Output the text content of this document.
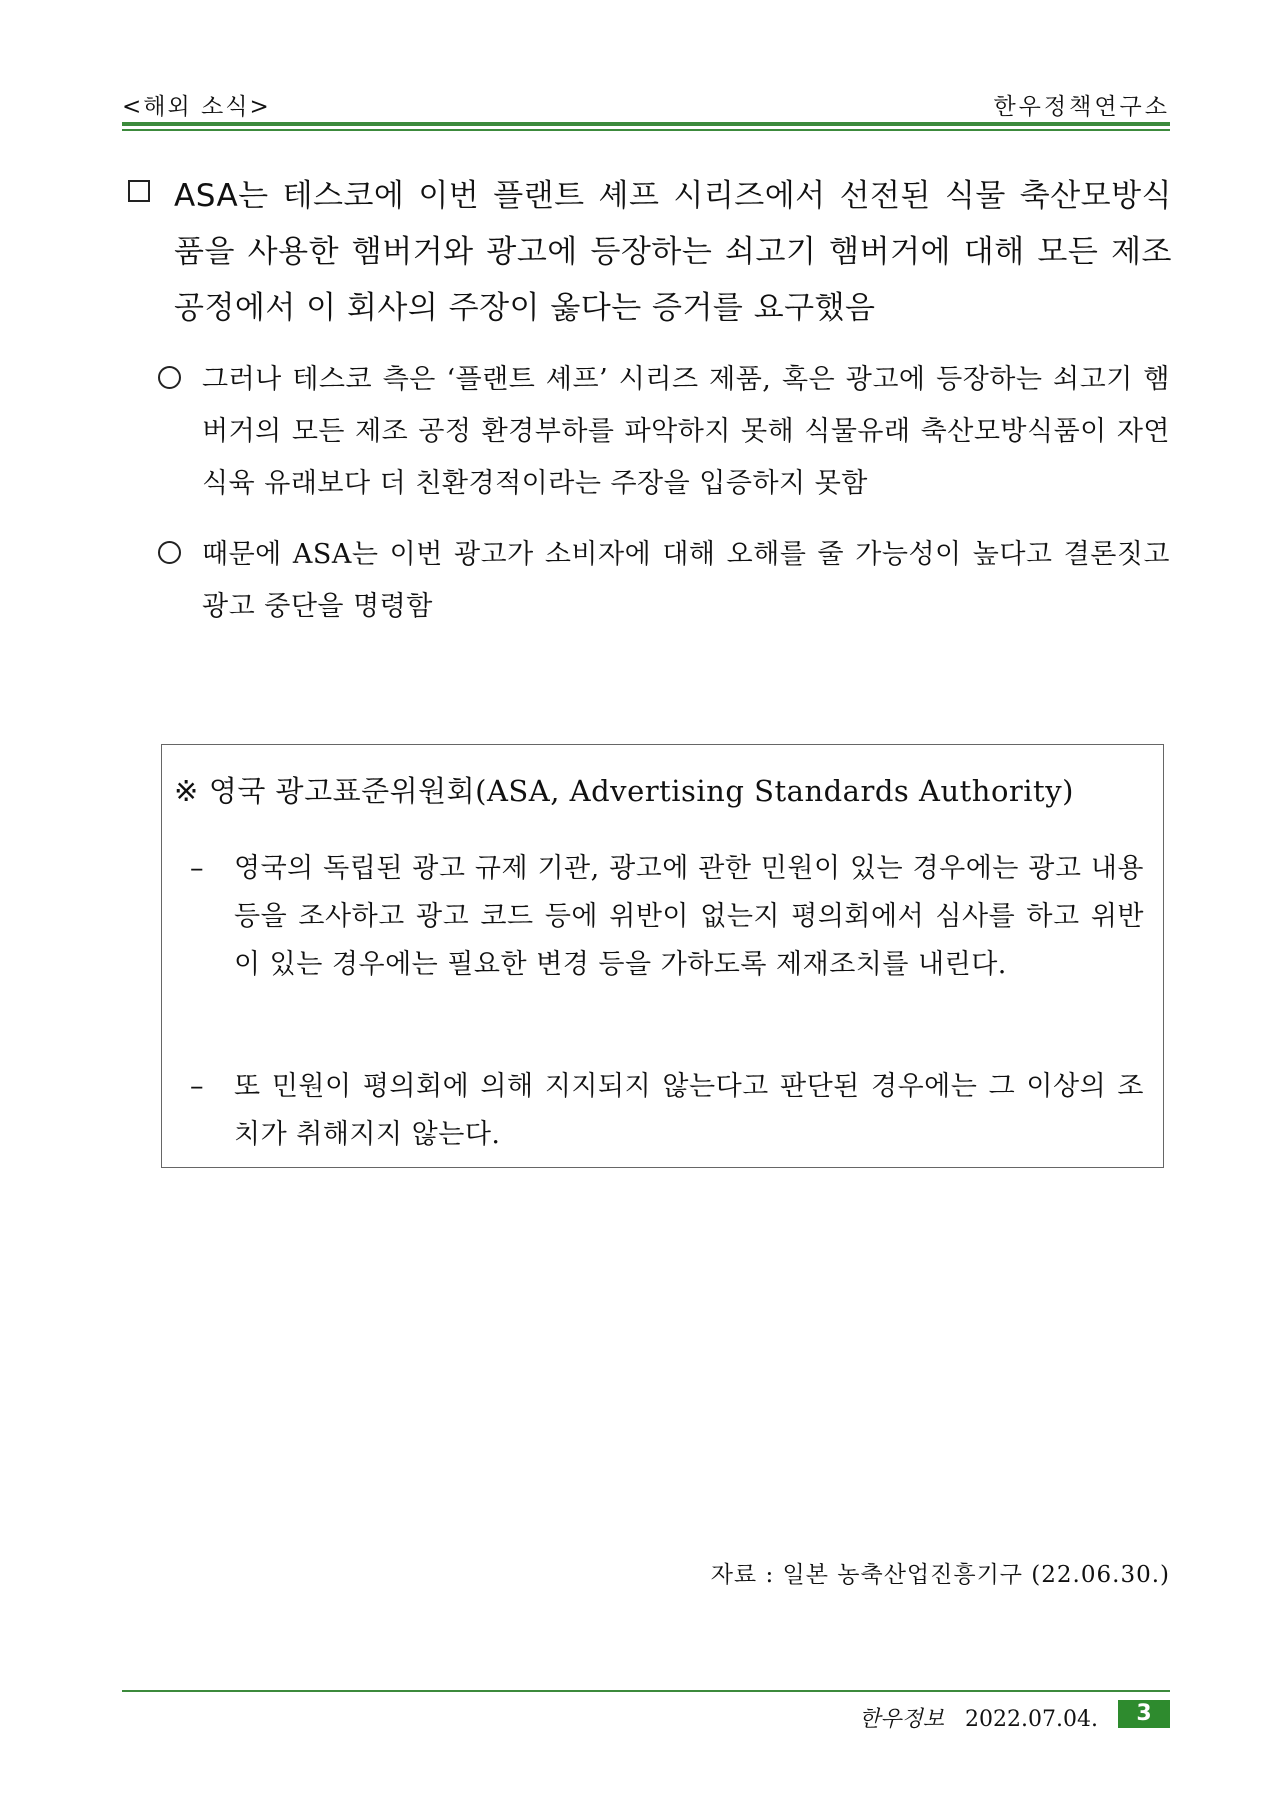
<해외 소식>	한우정책연구소
ASA는 테스코에 이번 플랜트 셰프 시리즈에서 선전된 식물 축산모방식품을 사용한 햄버거와 광고에 등장하는 쇠고기 햄버거에 대해 모든 제조 공정에서 이 회사의 주장이 옳다는 증거를 요구했음
그러나 테스코 측은 ‘플랜트 셰프’ 시리즈 제품, 혹은 광고에 등장하는 쇠고기 햄버거의 모든 제조 공정 환경부하를 파악하지 못해 식물유래 축산모방식품이 자연 식육 유래보다 더 친환경적이라는 주장을 입증하지 못함
때문에 ASA는 이번 광고가 소비자에 대해 오해를 줄 가능성이 높다고 결론짓고 광고 중단을 명령함
※ 영국 광고표준위원회(ASA, Advertising Standards Authority)
– 영국의 독립된 광고 규제 기관, 광고에 관한 민원이 있는 경우에는 광고 내용 등을 조사하고 광고 코드 등에 위반이 없는지 평의회에서 심사를 하고 위반이 있는 경우에는 필요한 변경 등을 가하도록 제재조치를 내린다.
– 또 민원이 평의회에 의해 지지되지 않는다고 판단된 경우에는 그 이상의 조치가 취해지지 않는다.
자료 : 일본 농축산업진흥기구 (22.06.30.)
한우정보 2022.07.04.	3
